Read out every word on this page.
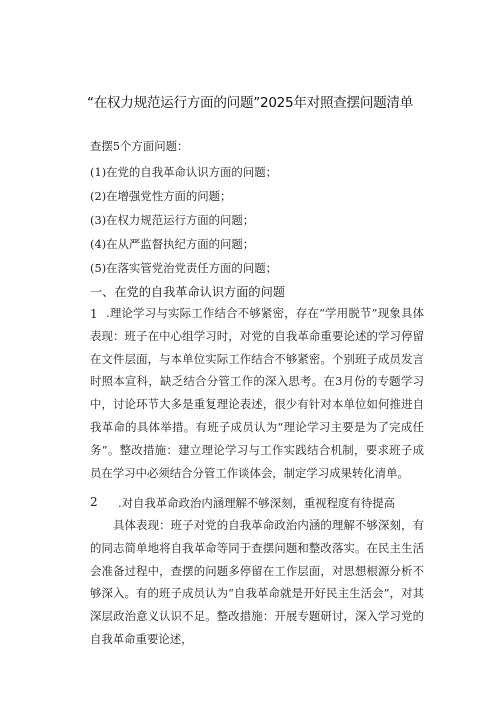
“在权力规范运行方面的问题”2025年对照查摆问题清单
查摆5个方面问题：
(1)在党的自我革命认识方面的问题；
(2)在增强党性方面的问题；
(3)在权力规范运行方面的问题；
(4)在从严监督执纪方面的问题；
(5)在落实管党治党责任方面的问题；
一、在党的自我革命认识方面的问题
1 .理论学习与实际工作结合不够紧密，存在“学用脱节”现象具体表现：班子在中心组学习时，对党的自我革命重要论述的学习停留在文件层面，与本单位实际工作结合不够紧密。个别班子成员发言时照本宣科，缺乏结合分管工作的深入思考。在3月份的专题学习中，讨论环节大多是重复理论表述，很少有针对本单位如何推进自我革命的具体举措。有班子成员认为“理论学习主要是为了完成任务”。整改措施：建立理论学习与工作实践结合机制，要求班子成员在学习中必须结合分管工作谈体会，制定学习成果转化清单。
2 .对自我革命政治内涵理解不够深刻，重视程度有待提高
具体表现：班子对党的自我革命政治内涵的理解不够深刻，有的同志简单地将自我革命等同于查摆问题和整改落实。在民主生活会准备过程中，查摆的问题多停留在工作层面，对思想根源分析不够深入。有的班子成员认为“自我革命就是开好民主生活会”，对其深层政治意义认识不足。整改措施：开展专题研讨，深入学习党的自我革命重要论述，
